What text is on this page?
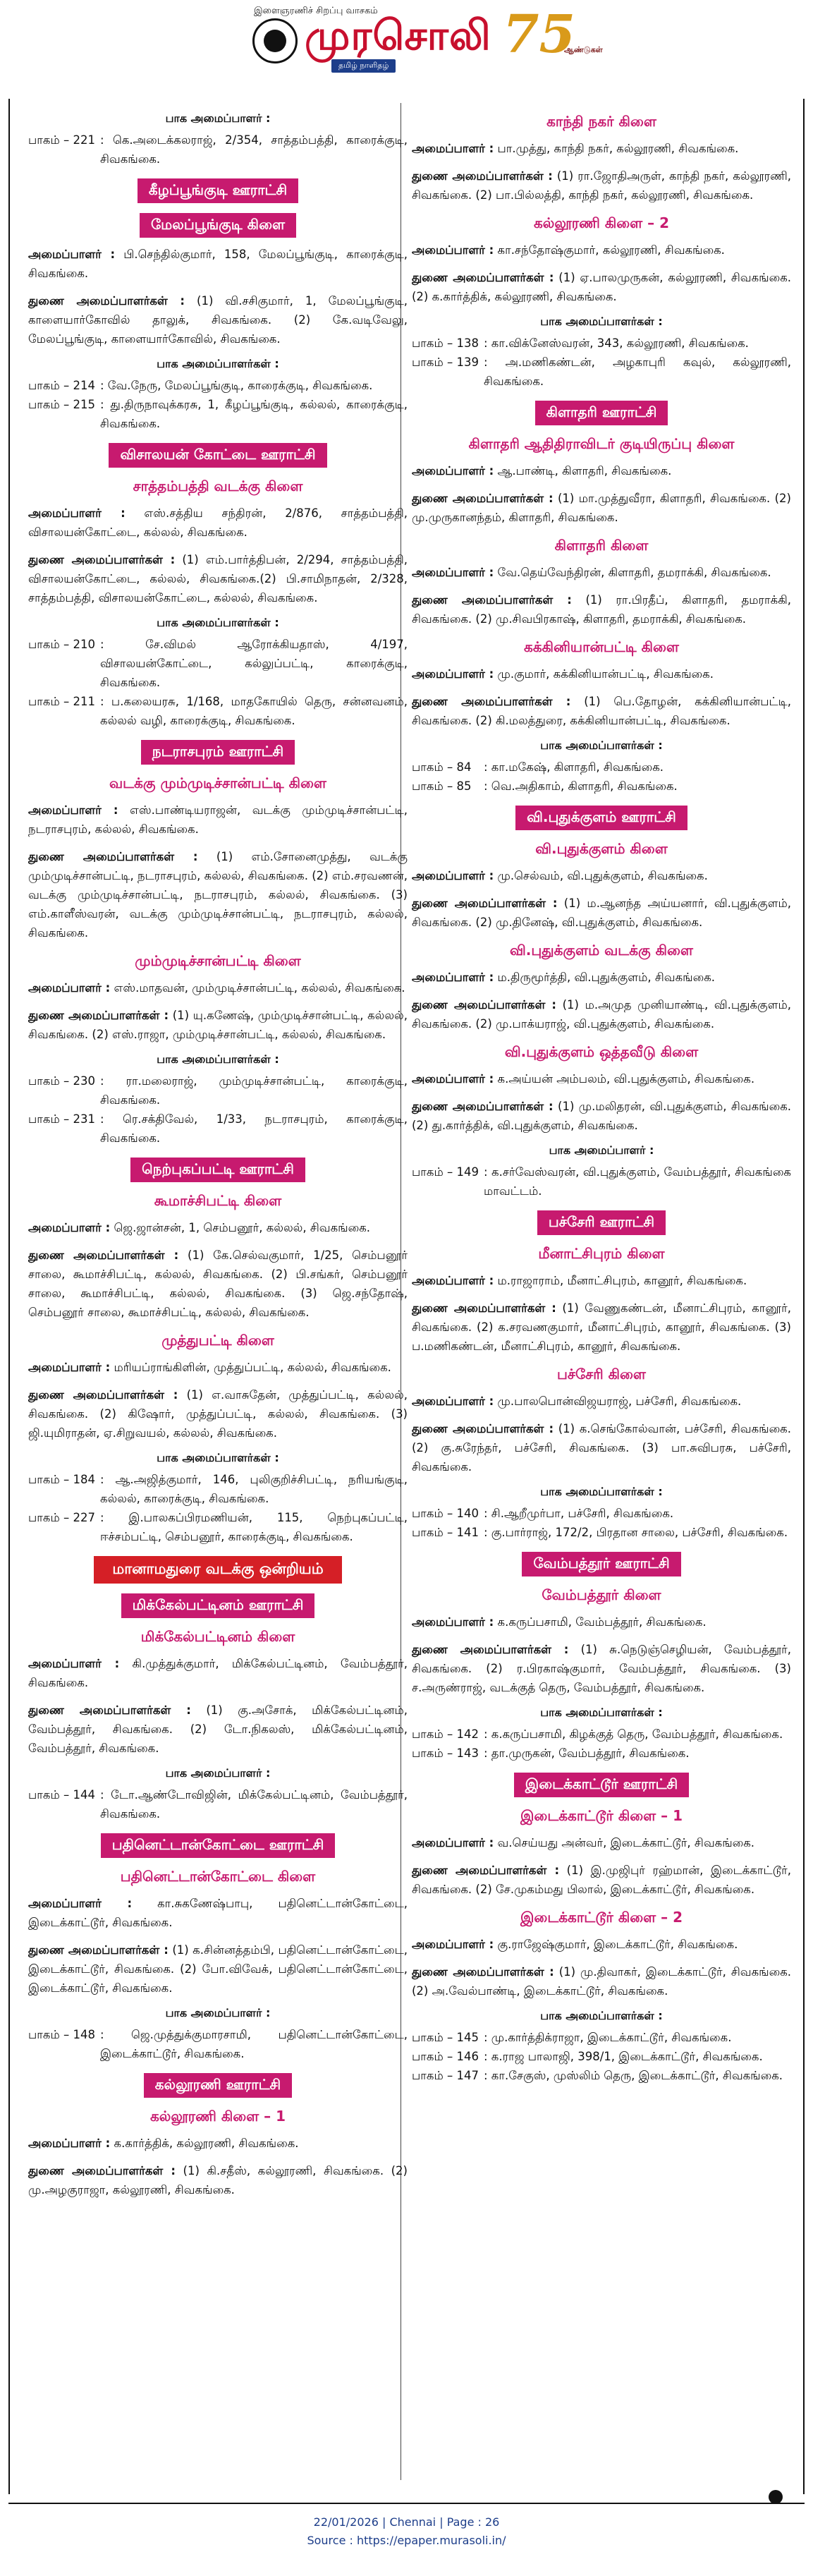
இளைஞரணிச் சிறப்பு வாசகம்
முரசொலி 75
ஆண்டுகள்
தமிழ் நாளிதழ்
பாக அமைப்பாளர் :
பாகம் – 221 : கெ.அடைக்கலராஜ், 2/354, சாத்தம்பத்தி, காரைக்குடி, சிவகங்கை.
கீழப்பூங்குடி ஊராட்சி
மேலப்பூங்குடி கிளை
அமைப்பாளர் : பி.செந்தில்குமார், 158, மேலப்பூங்குடி, காரைக்குடி, சிவகங்கை.
துணை அமைப்பாளர்கள் : (1) வி.சசிகுமார், 1, மேலப்பூங்குடி, காளையார்கோவில் தாலுக், சிவகங்கை. (2) கே.வடிவேலு, மேலப்பூங்குடி, காளையார்கோவில், சிவகங்கை.
பாக அமைப்பாளர்கள் :
பாகம் – 214 : வே.நேரு, மேலப்பூங்குடி, காரைக்குடி, சிவகங்கை.
பாகம் – 215 : து.திருநாவுக்கரசு, 1, கீழப்பூங்குடி, கல்லல், காரைக்குடி, சிவகங்கை.
விசாலயன் கோட்டை ஊராட்சி
சாத்தம்பத்தி வடக்கு கிளை
அமைப்பாளர் : எஸ்.சத்திய சந்திரன், 2/876, சாத்தம்பத்தி, விசாலயன்கோட்டை, கல்லல், சிவகங்கை.
துணை அமைப்பாளர்கள் : (1) எம்.பார்த்திபன், 2/294, சாத்தம்பத்தி, விசாலயன்கோட்டை, கல்லல், சிவகங்கை.(2) பி.சாமிநாதன், 2/328, சாத்தம்பத்தி, விசாலயன்கோட்டை, கல்லல், சிவகங்கை.
பாக அமைப்பாளர்கள் :
பாகம் – 210 : சே.விமல் ஆரோக்கியதாஸ், 4/197, விசாலயன்கோட்டை, கல்லுப்பட்டி, காரைக்குடி, சிவகங்கை.
பாகம் – 211 : ப.கலையரசு, 1/168, மாதகோயில் தெரு, சன்னவனம், கல்லல் வழி, காரைக்குடி, சிவகங்கை.
நடராசபுரம் ஊராட்சி
வடக்கு மும்முடிச்சான்பட்டி கிளை
அமைப்பாளர் : எஸ்.பாண்டியராஜன், வடக்கு மும்முடிச்சான்பட்டி, நடராசபுரம், கல்லல், சிவகங்கை.
துணை அமைப்பாளர்கள் : (1) எம்.சோனைமுத்து, வடக்கு மும்முடிச்சான்பட்டி, நடராசபுரம், கல்லல், சிவகங்கை. (2) எம்.சரவணன், வடக்கு மும்முடிச்சான்பட்டி, நடராசபுரம், கல்லல், சிவகங்கை. (3) எம்.காளீஸ்வரன், வடக்கு மும்முடிச்சான்பட்டி, நடராசபுரம், கல்லல், சிவகங்கை.
மும்முடிச்சான்பட்டி கிளை
அமைப்பாளர் : எஸ்.மாதவன், மும்முடிச்சான்பட்டி, கல்லல், சிவகங்கை.
துணை அமைப்பாளர்கள் : (1) யு.கணேஷ், மும்முடிச்சான்பட்டி, கல்லல், சிவகங்கை. (2) எஸ்.ராஜா, மும்முடிச்சான்பட்டி, கல்லல், சிவகங்கை.
பாக அமைப்பாளர்கள் :
பாகம் – 230 : ரா.மலைராஜ், மும்முடிச்சான்பட்டி, காரைக்குடி, சிவகங்கை.
பாகம் – 231 : ரெ.சக்திவேல், 1/33, நடராசபுரம், காரைக்குடி, சிவகங்கை.
நெற்புகப்பட்டி ஊராட்சி
கூமாச்சிபட்டி கிளை
அமைப்பாளர் : ஜெ.ஜான்சன், 1, செம்பனூர், கல்லல், சிவகங்கை.
துணை அமைப்பாளர்கள் : (1) கே.செல்வகுமார், 1/25, செம்பனூர் சாலை, கூமாச்சிபட்டி, கல்லல், சிவகங்கை. (2) பி.சங்கர், செம்பனூர் சாலை, கூமாச்சிபட்டி, கல்லல், சிவகங்கை. (3) ஜெ.சந்தோஷ், செம்பனூர் சாலை, கூமாச்சிபட்டி, கல்லல், சிவகங்கை.
முத்துபட்டி கிளை
அமைப்பாளர் : மரியப்ராங்கிளின், முத்துப்பட்டி, கல்லல், சிவகங்கை.
துணை அமைப்பாளர்கள் : (1) எ.வாசுதேன், முத்துப்பட்டி, கல்லல், சிவகங்கை. (2) கிஷோர், முத்துப்பட்டி, கல்லல், சிவகங்கை. (3) ஜி.யுமிராதன், ஏ.சிறுவயல், கல்லல், சிவகங்கை.
பாக அமைப்பாளர்கள் :
பாகம் – 184 : ஆ.அஜித்குமார், 146, புலிகுறிச்சிபட்டி, நரியங்குடி, கல்லல், காரைக்குடி, சிவகங்கை.
பாகம் – 227 : இ.பாலகப்பிரமணியன், 115, நெற்புகப்பட்டி, ஈச்சம்பட்டி, செம்பனூர், காரைக்குடி, சிவகங்கை.
மானாமதுரை வடக்கு ஒன்றியம்
மிக்கேல்பட்டினம் ஊராட்சி
மிக்கேல்பட்டினம் கிளை
அமைப்பாளர் : கி.முத்துக்குமார், மிக்கேல்பட்டினம், வேம்பத்தூர், சிவகங்கை.
துணை அமைப்பாளர்கள் : (1) கு.அசோக், மிக்கேல்பட்டினம், வேம்பத்தூர், சிவகங்கை. (2) டோ.நிகலஸ், மிக்கேல்பட்டினம், வேம்பத்தூர், சிவகங்கை.
பாக அமைப்பாளர் :
பாகம் – 144 : டோ.ஆண்டோவிஜின், மிக்கேல்பட்டினம், வேம்பத்தூர், சிவகங்கை.
பதினெட்டான்கோட்டை ஊராட்சி
பதினெட்டான்கோட்டை கிளை
அமைப்பாளர் : கா.சுகணேஷ்பாபு, பதினெட்டான்கோட்டை, இடைக்காட்டூர், சிவகங்கை.
துணை அமைப்பாளர்கள் : (1) க.சின்னத்தம்பி, பதினெட்டான்கோட்டை, இடைக்காட்டூர், சிவகங்கை. (2) போ.விவேக், பதினெட்டான்கோட்டை, இடைக்காட்டூர், சிவகங்கை.
பாக அமைப்பாளர் :
பாகம் – 148 : ஜெ.முத்துக்குமாரசாமி, பதினெட்டான்கோட்டை, இடைக்காட்டூர், சிவகங்கை.
கல்லூரணி ஊராட்சி
கல்லூரணி கிளை – 1
அமைப்பாளர் : க.கார்த்திக், கல்லூரணி, சிவகங்கை.
துணை அமைப்பாளர்கள் : (1) கி.சதீஸ், கல்லூரணி, சிவகங்கை. (2) மு.அழகுராஜா, கல்லூரணி, சிவகங்கை.
காந்தி நகர் கிளை
அமைப்பாளர் : பா.முத்து, காந்தி நகர், கல்லூரணி, சிவகங்கை.
துணை அமைப்பாளர்கள் : (1) ரா.ஜோதிஅருள், காந்தி நகர், கல்லூரணி, சிவகங்கை. (2) பா.பில்லத்தி, காந்தி நகர், கல்லூரணி, சிவகங்கை.
கல்லூரணி கிளை – 2
அமைப்பாளர் : கா.சந்தோஷ்குமார், கல்லூரணி, சிவகங்கை.
துணை அமைப்பாளர்கள் : (1) ஏ.பாலமுருகன், கல்லூரணி, சிவகங்கை. (2) க.கார்த்திக், கல்லூரணி, சிவகங்கை.
பாக அமைப்பாளர்கள் :
பாகம் – 138 : கா.விக்னேஸ்வரன், 343, கல்லூரணி, சிவகங்கை.
பாகம் – 139 : அ.மணிகண்டன், அழகாபுரி கவுல், கல்லூரணி, சிவகங்கை.
கிளாதரி ஊராட்சி
கிளாதரி ஆதிதிராவிடர் குடியிருப்பு கிளை
அமைப்பாளர் : ஆ.பாண்டி, கிளாதரி, சிவகங்கை.
துணை அமைப்பாளர்கள் : (1) மா.முத்துவீரா, கிளாதரி, சிவகங்கை. (2) மு.முருகானந்தம், கிளாதரி, சிவகங்கை.
கிளாதரி கிளை
அமைப்பாளர் : வே.தெய்வேந்திரன், கிளாதரி, தமராக்கி, சிவகங்கை.
துணை அமைப்பாளர்கள் : (1) ரா.பிரதீப், கிளாதரி, தமராக்கி, சிவகங்கை. (2) மு.சிவபிரகாஷ், கிளாதரி, தமராக்கி, சிவகங்கை.
கக்கினியான்பட்டி கிளை
அமைப்பாளர் : மு.குமார், கக்கினியான்பட்டி, சிவகங்கை.
துணை அமைப்பாளர்கள் : (1) பெ.தோழன், கக்கினியான்பட்டி, சிவகங்கை. (2) கி.மலத்துரை, கக்கினியான்பட்டி, சிவகங்கை.
பாக அமைப்பாளர்கள் :
பாகம் – 84	: கா.மகேஷ், கிளாதரி, சிவகங்கை.
பாகம் – 85	: வெ.அதிகாம், கிளாதரி, சிவகங்கை.
வி.புதுக்குளம் ஊராட்சி
வி.புதுக்குளம் கிளை
அமைப்பாளர் : மு.செல்வம், வி.புதுக்குளம், சிவகங்கை.
துணை அமைப்பாளர்கள் : (1) ம.ஆனந்த அய்யனார், வி.புதுக்குளம், சிவகங்கை. (2) மு.தினேஷ், வி.புதுக்குளம், சிவகங்கை.
வி.புதுக்குளம் வடக்கு கிளை
அமைப்பாளர் : ம.திருமூர்த்தி, வி.புதுக்குளம், சிவகங்கை.
துணை அமைப்பாளர்கள் : (1) ம.அமுத முனியாண்டி, வி.புதுக்குளம், சிவகங்கை. (2) மு.பாக்யராஜ், வி.புதுக்குளம், சிவகங்கை.
வி.புதுக்குளம் ஒத்தவீடு கிளை
அமைப்பாளர் : க.அய்யன் அம்பலம், வி.புதுக்குளம், சிவகங்கை.
துணை அமைப்பாளர்கள் : (1) மு.மலிதரன், வி.புதுக்குளம், சிவகங்கை. (2) து.கார்த்திக், வி.புதுக்குளம், சிவகங்கை.
பாக அமைப்பாளர் :
பாகம் – 149 : க.சர்வேஸ்வரன், வி.புதுக்குளம், வேம்பத்தூர், சிவகங்கை மாவட்டம்.
பச்சேரி ஊராட்சி
மீனாட்சிபுரம் கிளை
அமைப்பாளர் : ம.ராஜாராம், மீனாட்சிபுரம், கானூர், சிவகங்கை.
துணை அமைப்பாளர்கள் : (1) வேணுகண்டன், மீனாட்சிபுரம், கானூர், சிவகங்கை. (2) க.சரவணகுமார், மீனாட்சிபுரம், கானூர், சிவகங்கை. (3) ப.மணிகண்டன், மீனாட்சிபுரம், கானூர், சிவகங்கை.
பச்சேரி கிளை
அமைப்பாளர் : மு.பாலபொன்விஜயராஜ், பச்சேரி, சிவகங்கை.
துணை அமைப்பாளர்கள் : (1) க.செங்கோல்வான், பச்சேரி, சிவகங்கை. (2) கு.சுரேந்தர், பச்சேரி, சிவகங்கை. (3) பா.சுவிபரசு, பச்சேரி, சிவகங்கை.
பாக அமைப்பாளர்கள் :
பாகம் – 140 : சி.ஆறீமுர்பா, பச்சேரி, சிவகங்கை.
பாகம் – 141 : கு.பார்ராஜ், 172/2, பிரதான சாலை, பச்சேரி, சிவகங்கை.
வேம்பத்தூர் ஊராட்சி
வேம்பத்தூர் கிளை
அமைப்பாளர் : க.கருப்பசாமி, வேம்பத்தூர், சிவகங்கை.
துணை அமைப்பாளர்கள் : (1) சு.நெடுஞ்செழியன், வேம்பத்தூர், சிவகங்கை. (2) ர.பிரகாஷ்குமார், வேம்பத்தூர், சிவகங்கை. (3) ச.அருண்ராஜ், வடக்குத் தெரு, வேம்பத்தூர், சிவகங்கை.
பாக அமைப்பாளர்கள் :
பாகம் – 142 : க.கருப்பசாமி, கிழக்குத் தெரு, வேம்பத்தூர், சிவகங்கை.
பாகம் – 143 : தா.முருகன், வேம்பத்தூர், சிவகங்கை.
இடைக்காட்டூர் ஊராட்சி
இடைக்காட்டூர் கிளை – 1
அமைப்பாளர் : வ.செய்யது அன்வர், இடைக்காட்டூர், சிவகங்கை.
துணை அமைப்பாளர்கள் : (1) இ.முஜிபுர் ரஹ்மான், இடைக்காட்டூர், சிவகங்கை. (2) சே.முகம்மது பிலால், இடைக்காட்டூர், சிவகங்கை.
இடைக்காட்டூர் கிளை – 2
அமைப்பாளர் : கு.ராஜேஷ்குமார், இடைக்காட்டூர், சிவகங்கை.
துணை அமைப்பாளர்கள் : (1) மு.திவாகர், இடைக்காட்டூர், சிவகங்கை. (2) அ.வேல்பாண்டி, இடைக்காட்டூர், சிவகங்கை.
பாக அமைப்பாளர்கள் :
பாகம் – 145 : மு.கார்த்திக்ராஜா, இடைக்காட்டூர், சிவகங்கை.
பாகம் – 146 : க.ராஜ பாலாஜி, 398/1, இடைக்காட்டூர், சிவகங்கை.
பாகம் – 147 : கா.சேகுஸ், முஸ்லிம் தெரு, இடைக்காட்டூர், சிவகங்கை.
22/01/2026 | Chennai | Page : 26
Source : https://epaper.murasoli.in/
